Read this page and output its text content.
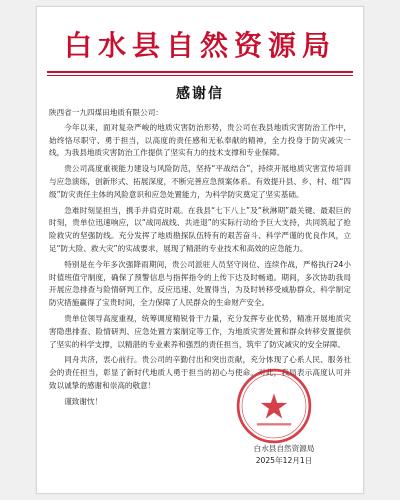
白水县自然资源局
感谢信

陕西省一九四煤田地质有限公司：

今年以来，面对复杂严峻的地质灾害防治形势，贵公司在我县地质灾害防治工作中，始终恪尽职守、勇于担当，以高度的责任感和无私奉献的精神，全力投身于防灾减灾一线，为我县地质灾害防治工作提供了坚实有力的技术支撑和专业保障。

贵公司高度重视能力建设与风险防范，坚持“平战结合”，持续开展地质灾害宣传培训与应急演练，创新形式、拓展深度，不断完善应急预案体系。有效提升县、乡、村、组“四级”防灾责任主体的风险意识和应急处置能力，为科学防灾奠定了坚实基础。

急难时刻显担当，携手并肩克时艰。在我县“七下八上”及“秋淋期”最关键、最艰巨的时刻，贵单位迅速响应，以“战同战线、共进退”的实际行动给予巨大支持，共同筑起了抢险救灾的坚强防线。充分发挥了地质勘探队伍特有的艰苦奋斗、科学严谨的优良作风，立足“防大险、救大灾”的实战要求，展现了精湛的专业技术和高效的应急能力。

特别是在今年多次强降雨期间，贵公司派驻人员坚守岗位、连续作战，严格执行24小时值班值守制度，确保了预警信息与指挥指令的上传下达及时畅通。期间，多次协助我局开展应急排查与险情研判工作，反应迅速、处置得当，为及时转移受威胁群众、科学制定防灾措施赢得了宝贵时间，全力保障了人民群众的生命财产安全。

贵单位领导高度重视，统筹调度精锐骨干力量，充分发挥专业优势，精准开展地质灾害隐患排查、险情研判、应急处置方案制定等工作，为地质灾害处置和群众转移安置提供了坚实的科学支撑，以精湛的专业素养和强烈的责任担当，筑牢了防灾减灾的安全屏障。

同舟共济，衷心前行。贵公司的辛勤付出和突出贡献，充分体现了心系人民、服务社会的责任担当，彰显了新时代地质人勇于担当的初心与使命。对此，我局表示高度认可并致以诚挚的感谢和崇高的敬意！

谨致谢忱！

白水县自然资源局
2025年12月1日
